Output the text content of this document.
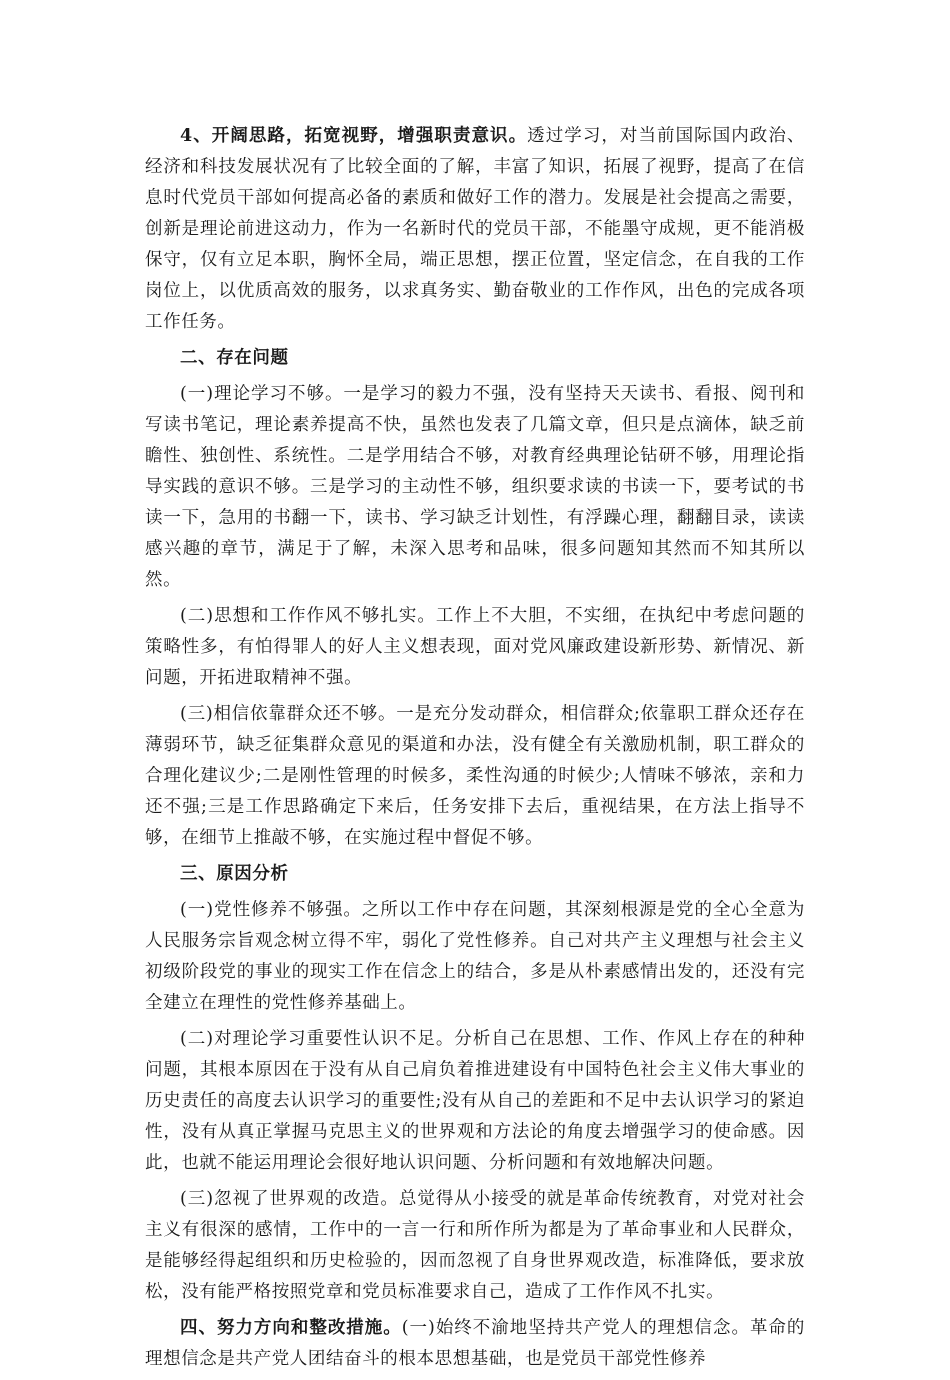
4、开阔思路，拓宽视野，增强职责意识。透过学习，对当前国际国内政治、经济和科技发展状况有了比较全面的了解，丰富了知识，拓展了视野，提高了在信息时代党员干部如何提高必备的素质和做好工作的潜力。发展是社会提高之需要，创新是理论前进这动力，作为一名新时代的党员干部，不能墨守成规，更不能消极保守，仅有立足本职，胸怀全局，端正思想，摆正位置，坚定信念，在自我的工作岗位上，以优质高效的服务，以求真务实、勤奋敬业的工作作风，出色的完成各项工作任务。

二、存在问题

(一)理论学习不够。一是学习的毅力不强，没有坚持天天读书、看报、阅刊和写读书笔记，理论素养提高不快，虽然也发表了几篇文章，但只是点滴体，缺乏前瞻性、独创性、系统性。二是学用结合不够，对教育经典理论钻研不够，用理论指导实践的意识不够。三是学习的主动性不够，组织要求读的书读一下，要考试的书读一下，急用的书翻一下，读书、学习缺乏计划性，有浮躁心理，翻翻目录，读读感兴趣的章节，满足于了解，未深入思考和品味，很多问题知其然而不知其所以然。

(二)思想和工作作风不够扎实。工作上不大胆，不实细，在执纪中考虑问题的策略性多，有怕得罪人的好人主义想表现，面对党风廉政建设新形势、新情况、新问题，开拓进取精神不强。

(三)相信依靠群众还不够。一是充分发动群众，相信群众;依靠职工群众还存在薄弱环节，缺乏征集群众意见的渠道和办法，没有健全有关激励机制，职工群众的合理化建议少;二是刚性管理的时候多，柔性沟通的时候少;人情味不够浓，亲和力还不强;三是工作思路确定下来后，任务安排下去后，重视结果，在方法上指导不够，在细节上推敲不够，在实施过程中督促不够。

三、原因分析

(一)党性修养不够强。之所以工作中存在问题，其深刻根源是党的全心全意为人民服务宗旨观念树立得不牢，弱化了党性修养。自己对共产主义理想与社会主义初级阶段党的事业的现实工作在信念上的结合，多是从朴素感情出发的，还没有完全建立在理性的党性修养基础上。

(二)对理论学习重要性认识不足。分析自己在思想、工作、作风上存在的种种问题，其根本原因在于没有从自己肩负着推进建设有中国特色社会主义伟大事业的历史责任的高度去认识学习的重要性;没有从自己的差距和不足中去认识学习的紧迫性，没有从真正掌握马克思主义的世界观和方法论的角度去增强学习的使命感。因此，也就不能运用理论会很好地认识问题、分析问题和有效地解决问题。

(三)忽视了世界观的改造。总觉得从小接受的就是革命传统教育，对党对社会主义有很深的感情，工作中的一言一行和所作所为都是为了革命事业和人民群众，是能够经得起组织和历史检验的，因而忽视了自身世界观改造，标准降低，要求放松，没有能严格按照党章和党员标准要求自己，造成了工作作风不扎实。

四、努力方向和整改措施。(一)始终不渝地坚持共产党人的理想信念。革命的理想信念是共产党人团结奋斗的根本思想基础，也是党员干部党性修养
